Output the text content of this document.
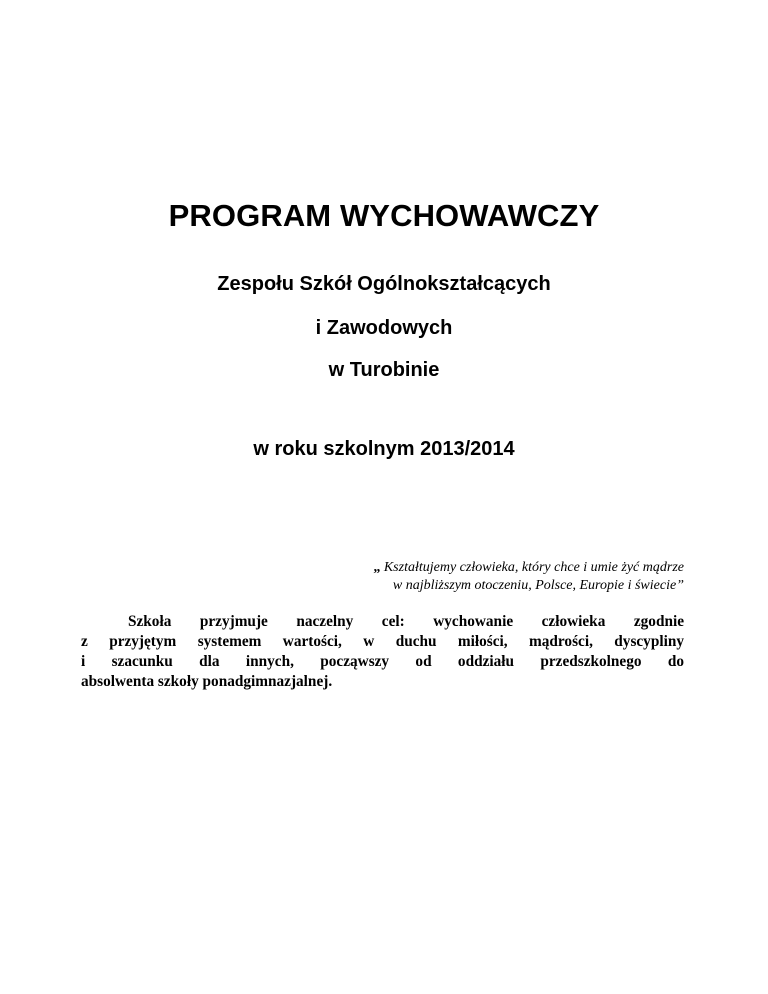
PROGRAM WYCHOWAWCZY
Zespołu Szkół Ogólnokształcących
i Zawodowych
w Turobinie
w roku szkolnym 2013/2014
„ Kształtujemy człowieka, który chce i umie żyć mądrze
w najbliższym otoczeniu, Polsce, Europie i świecie”
Szkoła przyjmuje naczelny cel: wychowanie człowieka zgodnie
z przyjętym systemem wartości, w duchu miłości, mądrości, dyscypliny
i szacunku dla innych, począwszy od oddziału przedszkolnego do
absolwenta szkoły ponadgimnazjalnej.
